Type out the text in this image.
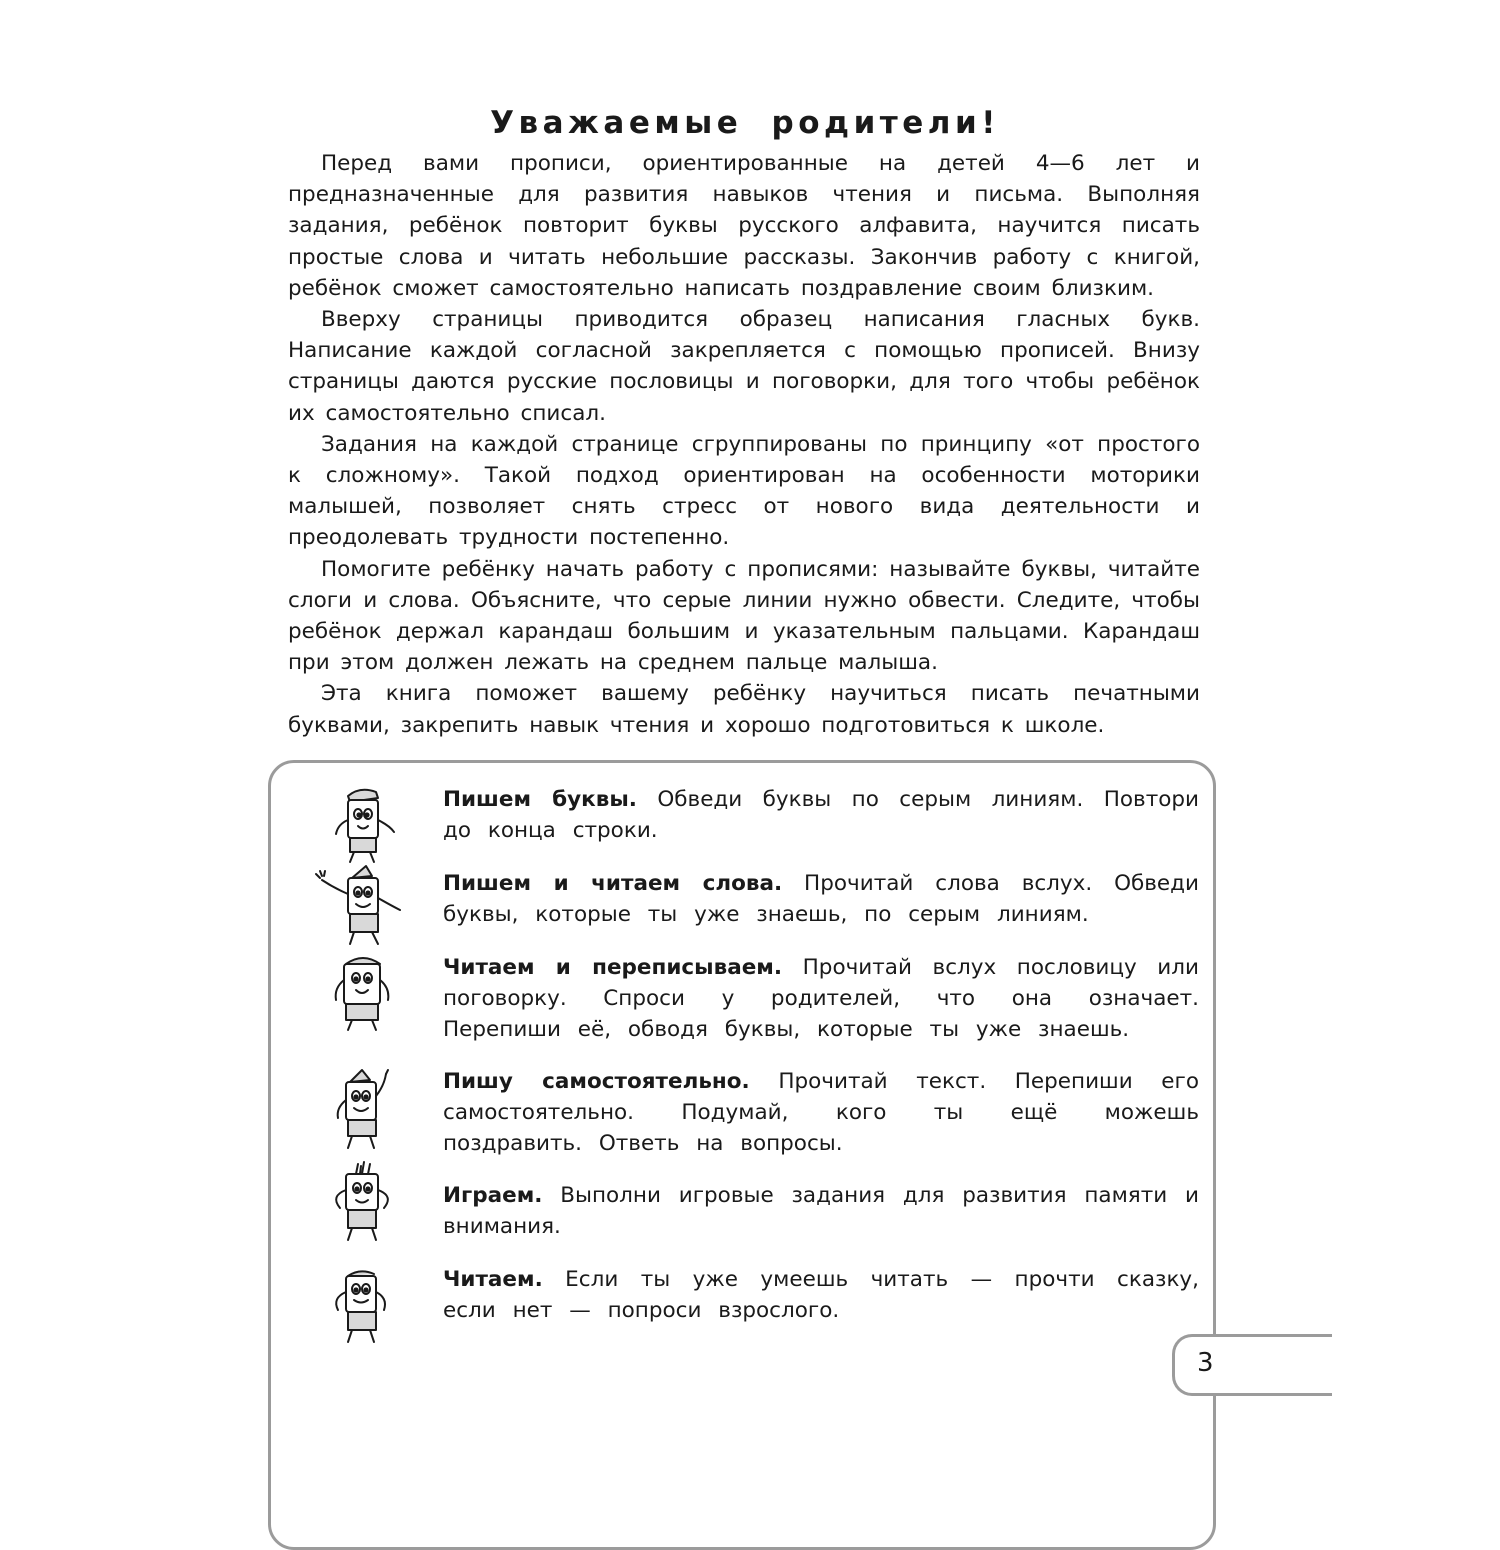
Уважаемые родители!

Перед вами прописи, ориентированные на детей 4—6 лет и предназначенные для развития навыков чтения и письма. Выполняя задания, ребёнок повторит буквы русского алфавита, научится писать простые слова и читать небольшие рассказы. Закончив работу с книгой, ребёнок сможет самостоятельно написать поздравление своим близким.

Вверху страницы приводится образец написания гласных букв. Написание каждой согласной закрепляется с помощью прописей. Внизу страницы даются русские пословицы и поговорки, для того чтобы ребёнок их самостоятельно списал.

Задания на каждой странице сгруппированы по принципу «от простого к сложному». Такой подход ориентирован на особенности моторики малышей, позволяет снять стресс от нового вида деятельности и преодолевать трудности постепенно.

Помогите ребёнку начать работу с прописями: называйте буквы, читайте слоги и слова. Объясните, что серые линии нужно обвести. Следите, чтобы ребёнок держал карандаш большим и указательным пальцами. Карандаш при этом должен лежать на среднем пальце малыша.

Эта книга поможет вашему ребёнку научиться писать печатными буквами, закрепить навык чтения и хорошо подготовиться к школе.

Пишем буквы. Обведи буквы по серым линиям. Повтори до конца строки.
Пишем и читаем слова. Прочитай слова вслух. Обведи буквы, которые ты уже знаешь, по серым линиям.
Читаем и переписываем. Прочитай вслух пословицу или поговорку. Спроси у родителей, что она означает. Перепиши её, обводя буквы, которые ты уже знаешь.
Пишу самостоятельно. Прочитай текст. Перепиши его самостоятельно. Подумай, кого ты ещё можешь поздравить. Ответь на вопросы.
Играем. Выполни игровые задания для развития памяти и внимания.
Читаем. Если ты уже умеешь читать — прочти сказку, если нет — попроси взрослого.
3
